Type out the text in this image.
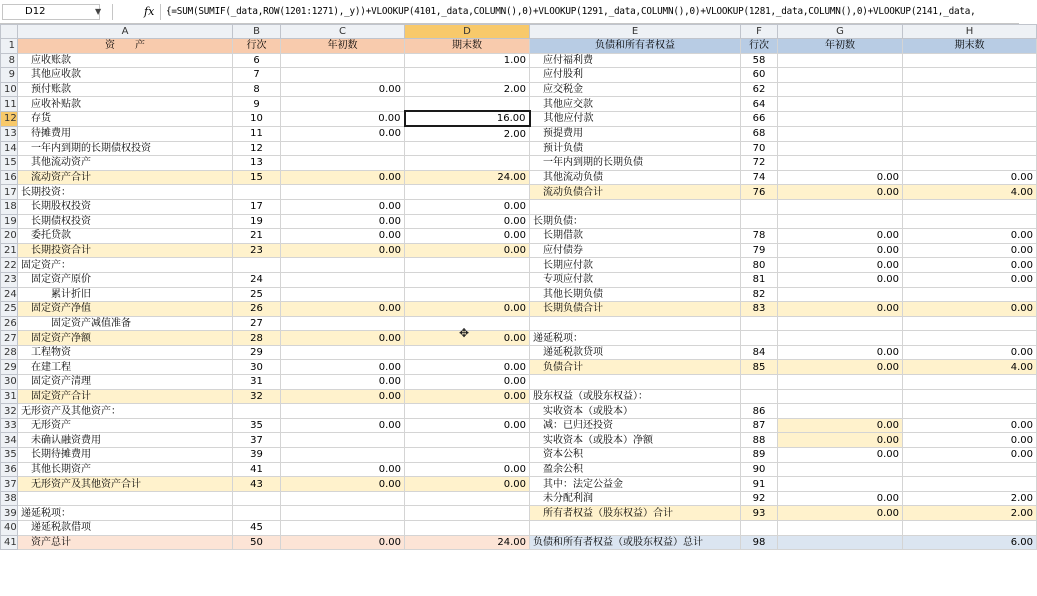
D12	▼	fx {=SUM(SUMIF(_data,ROW(1201:1271),_y))+VLOOKUP(4101,_data,COLUMN(),0)+VLOOKUP(1291,_data,COLUMN(),0)+VLOOKUP(1281,_data,COLUMN(),0)+VLOOKUP(2141,_data,
	A	B	C	D	E	F	G	H
1	资　　产	行次	年初数	期末数	负债和所有者权益	行次	年初数	期末数
8	　应收账款	6		1.00	　应付福利费	58		
9	　其他应收款	7			　应付股利	60		
10	　预付账款	8	0.00	2.00	　应交税金	62		
11	　应收补贴款	9			　其他应交款	64		
12	　存货	10	0.00	16.00	　其他应付款	66		
13	　待摊费用	11	0.00	2.00	　预提费用	68		
14	　一年内到期的长期债权投资	12			　预计负债	70		
15	　其他流动资产	13			　一年内到期的长期负债	72		
16	　流动资产合计	15	0.00	24.00	　其他流动负债	74	0.00	0.00
17	长期投资：				　流动负债合计	76	0.00	4.00
18	　长期股权投资	17	0.00	0.00				
19	　长期债权投资	19	0.00	0.00	长期负债：			
20	　委托贷款	21	0.00	0.00	　长期借款	78	0.00	0.00
21	　长期投资合计	23	0.00	0.00	　应付债券	79	0.00	0.00
22	固定资产：				　长期应付款	80	0.00	0.00
23	　固定资产原价	24			　专项应付款	81	0.00	0.00
24	　　　累计折旧	25			　其他长期负债	82		
25	　固定资产净值	26	0.00	0.00	　长期负债合计	83	0.00	0.00
26	　　　固定资产减值准备	27						
27	　固定资产净额	28	0.00	0.00	递延税项：			
28	　工程物资	29			　递延税款贷项	84	0.00	0.00
29	　在建工程	30	0.00	0.00	　负债合计	85	0.00	4.00
30	　固定资产清理	31	0.00	0.00				
31	　固定资产合计	32	0.00	0.00	股东权益（或股东权益）：			
32	无形资产及其他资产：				　实收资本（或股本）	86		
33	　无形资产	35	0.00	0.00	　减：已归还投资	87	0.00	0.00
34	　未确认融资费用	37			　实收资本（或股本）净额	88	0.00	0.00
35	　长期待摊费用	39			　资本公积	89	0.00	0.00
36	　其他长期资产	41	0.00	0.00	　盈余公积	90		
37	　无形资产及其他资产合计	43	0.00	0.00	　其中：法定公益金	91		
38					　未分配利润	92	0.00	2.00
39	递延税项：				　所有者权益（股东权益）合计	93	0.00	2.00
40	　递延税款借项	45						
41	　资产总计	50	0.00	24.00	负债和所有者权益（或股东权益）总计	98		6.00
✥
